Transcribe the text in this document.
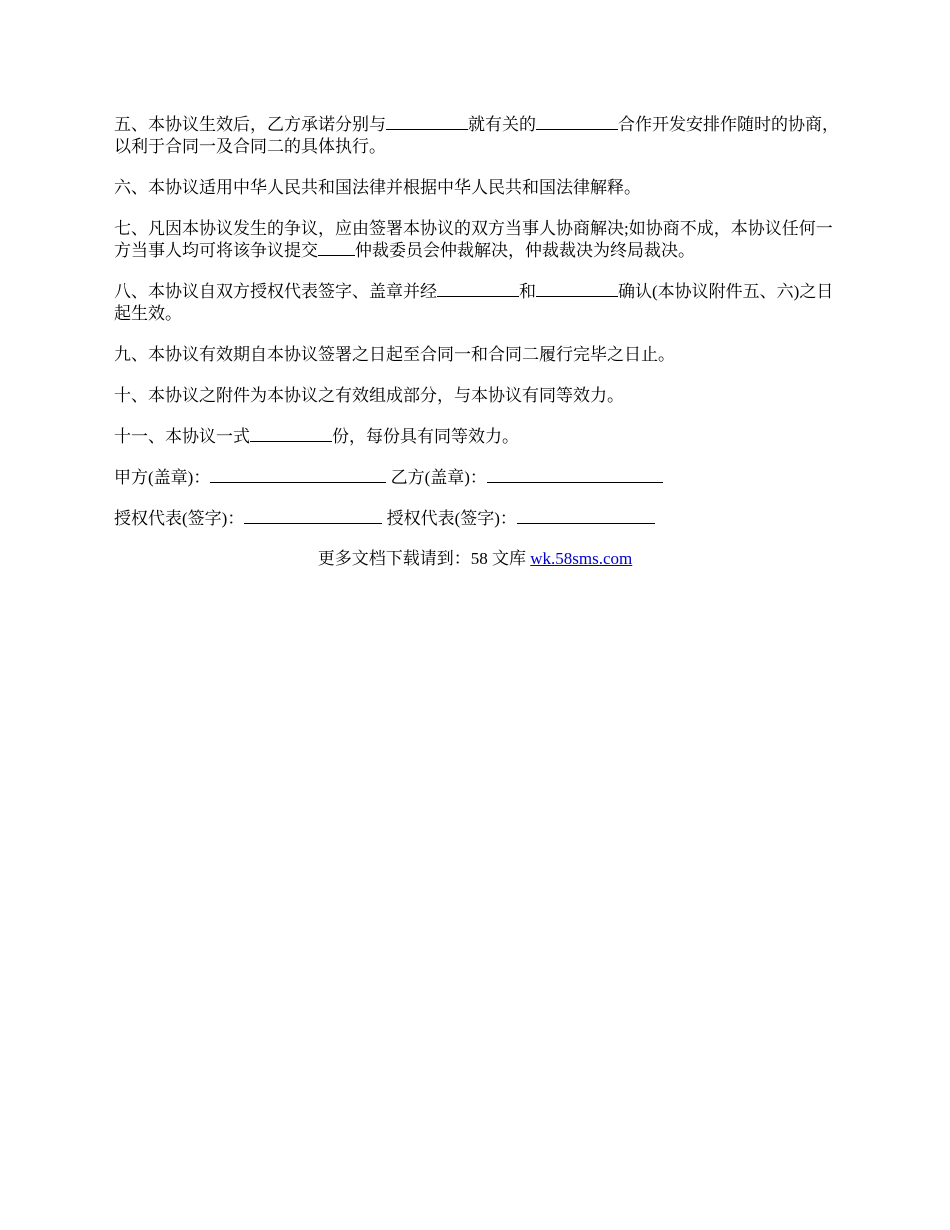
五、本协议生效后，乙方承诺分别与	就有关的	合作开发安排作随时的协商，以利于合同一及合同二的具体执行。

六、本协议适用中华人民共和国法律并根据中华人民共和国法律解释。

七、凡因本协议发生的争议，应由签署本协议的双方当事人协商解决;如协商不成，本协议任何一方当事人均可将该争议提交 仲裁委员会仲裁解决，仲裁裁决为终局裁决。

八、本协议自双方授权代表签字、盖章并经	和	确认(本协议附件五、六)之日起生效。

九、本协议有效期自本协议签署之日起至合同一和合同二履行完毕之日止。

十、本协议之附件为本协议之有效组成部分，与本协议有同等效力。

十一、本协议一式	份，每份具有同等效力。

甲方(盖章)：	乙方(盖章)：
授权代表(签字)：	授权代表(签字)：
更多文档下载请到：58 文库 wk.58sms.com
